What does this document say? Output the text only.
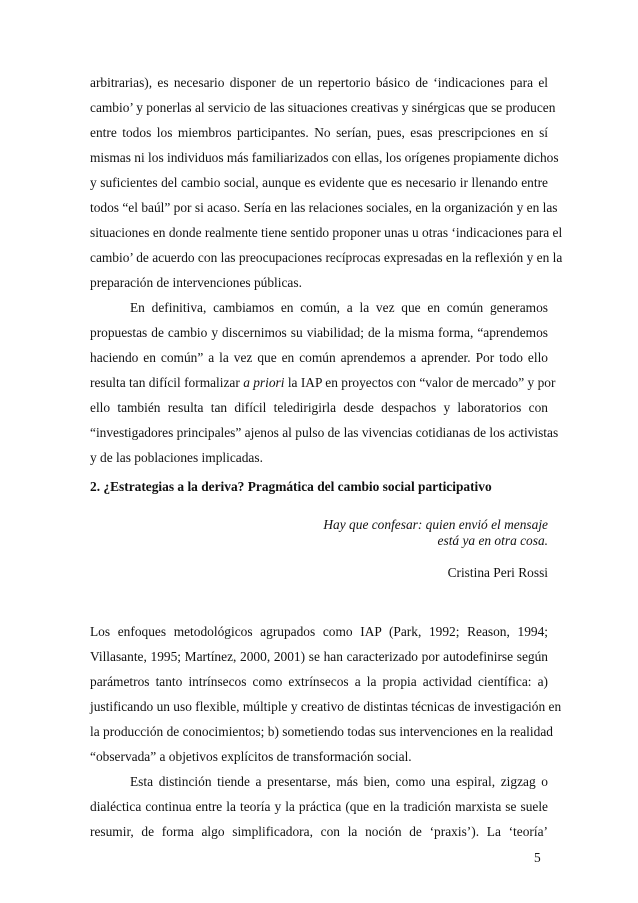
arbitrarias), es necesario disponer de un repertorio básico de ‘indicaciones para el
cambio’ y ponerlas al servicio de las situaciones creativas y sinérgicas que se producen
entre todos los miembros participantes. No serían, pues, esas prescripciones en sí
mismas ni los individuos más familiarizados con ellas, los orígenes propiamente dichos
y suficientes del cambio social, aunque es evidente que es necesario ir llenando entre
todos “el baúl” por si acaso. Sería en las relaciones sociales, en la organización y en las
situaciones en donde realmente tiene sentido proponer unas u otras ‘indicaciones para el
cambio’ de acuerdo con las preocupaciones recíprocas expresadas en la reflexión y en la
preparación de intervenciones públicas.
En definitiva, cambiamos en común, a la vez que en común generamos
propuestas de cambio y discernimos su viabilidad; de la misma forma, “aprendemos
haciendo en común” a la vez que en común aprendemos a aprender. Por todo ello
resulta tan difícil formalizar a priori la IAP en proyectos con “valor de mercado” y por
ello también resulta tan difícil teledirigirla desde despachos y laboratorios con
“investigadores principales” ajenos al pulso de las vivencias cotidianas de los activistas
y de las poblaciones implicadas.
2. ¿Estrategias a la deriva? Pragmática del cambio social participativo
Hay que confesar: quien envió el mensaje
está ya en otra cosa.
Cristina Peri Rossi
Los enfoques metodológicos agrupados como IAP (Park, 1992; Reason, 1994;
Villasante, 1995; Martínez, 2000, 2001) se han caracterizado por autodefinirse según
parámetros tanto intrínsecos como extrínsecos a la propia actividad científica: a)
justificando un uso flexible, múltiple y creativo de distintas técnicas de investigación en
la producción de conocimientos; b) sometiendo todas sus intervenciones en la realidad
“observada” a objetivos explícitos de transformación social.
Esta distinción tiende a presentarse, más bien, como una espiral, zigzag o
dialéctica continua entre la teoría y la práctica (que en la tradición marxista se suele
resumir, de forma algo simplificadora, con la noción de ‘praxis’). La ‘teoría’
5
